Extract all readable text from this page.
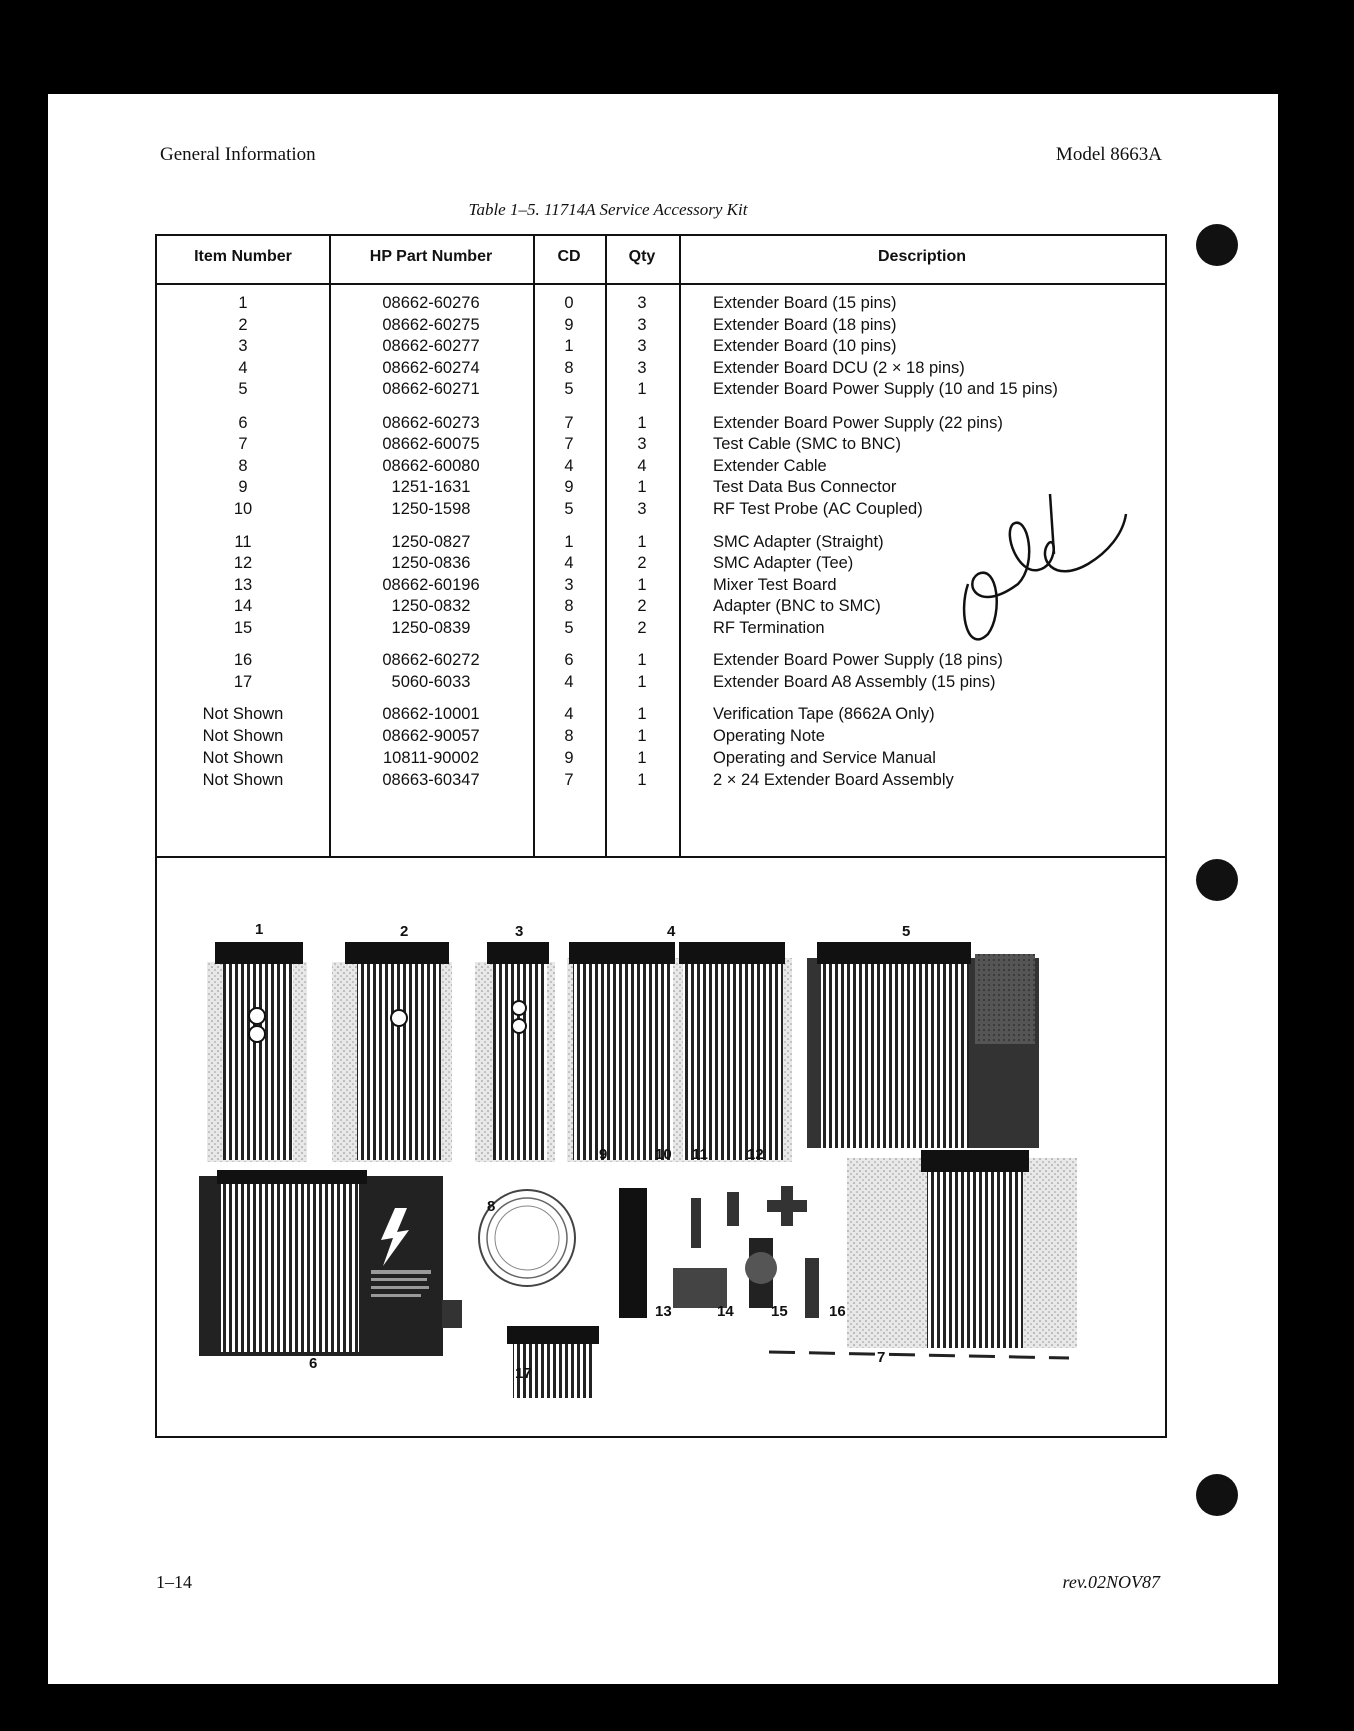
General Information	Model 8663A
Table 1–5. 11714A Service Accessory Kit
Item Number	HP Part Number	CD	Qty	Description
1	08662-60276	0	3	Extender Board (15 pins)
2	08662-60275	9	3	Extender Board (18 pins)
3	08662-60277	1	3	Extender Board (10 pins)
4	08662-60274	8	3	Extender Board DCU (2 × 18 pins)
5	08662-60271	5	1	Extender Board Power Supply (10 and 15 pins)
6	08662-60273	7	1	Extender Board Power Supply (22 pins)
7	08662-60075	7	3	Test Cable (SMC to BNC)
8	08662-60080	4	4	Extender Cable
9	1251-1631	9	1	Test Data Bus Connector
10	1250-1598	5	3	RF Test Probe (AC Coupled)
11	1250-0827	1	1	SMC Adapter (Straight)
12	1250-0836	4	2	SMC Adapter (Tee)
13	08662-60196	3	1	Mixer Test Board
14	1250-0832	8	2	Adapter (BNC to SMC)
15	1250-0839	5	2	RF Termination
16	08662-60272	6	1	Extender Board Power Supply (18 pins)
17	5060-6033	4	1	Extender Board A8 Assembly (15 pins)
Not Shown	08662-10001	4	1	Verification Tape (8662A Only)
Not Shown	08662-90057	8	1	Operating Note
Not Shown	10811-90002	9	1	Operating and Service Manual
Not Shown	08663-60347	7	1	2 × 24 Extender Board Assembly
1	2	3	4	5
6	7
8
9	10 11	12
13	14 15	16
17
1–14	rev.02NOV87
